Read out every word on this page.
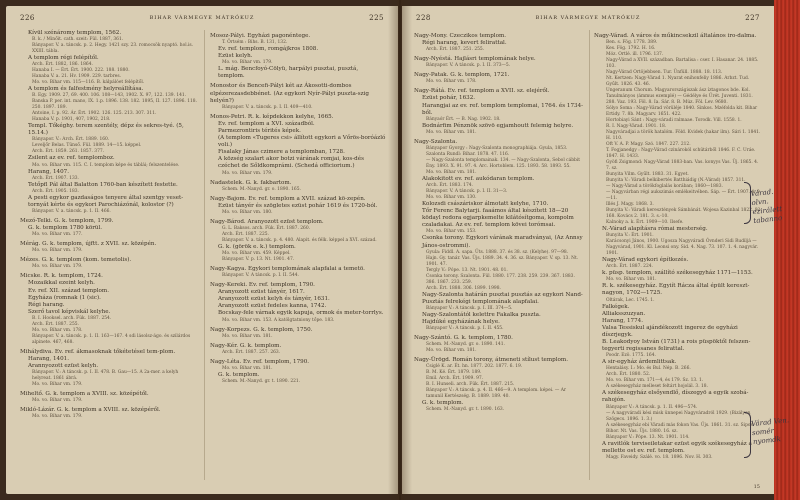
226	BIHAR VÁRMEGYE MÁTRÓKUZ	225

Kívül szénáromy templom, 1562.

B. k. / Minőit. cath. szeit: Fül. 1887, 361.

Bányapor. V. a. táncsk. p. 2. Hegy. 1421 szy. 23. romocsök nyaptó. hol.is. XXIII. tábla.

A templom régi felépítől.

Arch. Ért. 1882, 186. 1864.

Hanaba I. — Ért. Ért. 1900. 222. 188. 1880.

Hanaba V. a. 21. Hv. 1909. 229. tarbres.

Mo. vo. Bihar vm. 115—116. B. kálpálóet felépítől.

A templom és falfestmény helyreállítása.

B. Egy. 1909. 27, 69. 400. 106. 108—143, 1902. X. 97, 122. 139. 141.

Banska P. per. int. mano, IX. 1.p. 1896. 138. 182. 1895, II. 127. 1896. 118. 250. 1897. 189.

Antoine, I. p. 92. Ár. Ért. 1902. 126. 125. 213. 307. 311.

Hanaba V. p. 1901, 407, 1902, 218.

Templ. Tőkéghy. terem szentély, dépz és sekres-tyé. (5, 15.14.)

Bányapor. V.: Arch. Ért. 1889. 160.

Leveljőr Belas. Tünső. Fül. 1889. 14—15. képpel.

Arch. Ért. 1859. 261. 1857. 377.

Zsilent az ev. ref. templomboz.

Mo. vo. Bihar vm. 115. C. I. templom képe és táblái; felszentelése.

Harang, 1407.

Arch. Ért. 1907. 133.

Tetőpfl Pál által Balatton 1760-ban készített festette.

Arch. Ért. 1905. 183.

A pesti egykor gazdaságos tenyere által szentgy veset-tornyát kérte és egykori Parochiázónál, kolostor (?)

Bányapor. V. a. táncsk. p. 1. II. 466.

Mezó-Telki. G. k. templom, 1799.

G. k. templom 1780 körül.

Mo. vo. Bihar vm. 177.

Mérág. G. k. templom, újftt. z XVII. sz. középén.

Mo. vo. Bihar vm. 179.

Mézes. G. k. templom (kom. temetolis).

Mo. vo. Bihar vm. 179.

Micske. R. k. templom, 1724.

Mozaikkal ezeint kelyh.

Ev. ref. XII. század templom.

Egyháza (romnak (1 (sic).

Régi harang.

Szerő tavol képviskál kelyhe.

B. I. Hooksel. arch. Fük. 1887. 254.

Arch. Ért. 1887. 255.

Mo. vo. Bihar vm. 178.

Bányapor. V. a. táncsk. p. 1. II. 163—167. 4 sdi lásolsz-ágo. és szilárdos alpinete. 467, 468.

Mihálydiva. Ev. ref. ákmasoknak tőkétetésel tem-plom.

Harang, 1401.

Arannyozott ezüst kelyh.

Bányapor. V.: A táncsk. p. I. II. 478. B. Gau—15. A 2a-mer. a kelyh helyreat. 1861 ábrá.

Mo. vo. Bihar vm. 179.

Miheltő. G. k. templom a XVIII. sz. középétől.

Mo. vo. Bihar vm. 179.

Mikló-Lázár. G. k. templom a XVIII. sz. középéről.

Mo. vo. Bihar vm. 179.

Mosoz-Pályi. Egyházi pagonéntege.

T. Örtsém : Bihs. B. 131, 132.

Ev. ref. templom, romgájkros 1808.

Ezüst kelyh.

Mo. vo. Bihar vm. 179.

L. mág. Bencfoyó-Cölyü, harpályi pusztai, pusztá, templom.

Monostor és Bencefi-Pályi két az Ákosotti-dombos elpézerezasdebbénet. (Az egykori Nyír-Pályi puszta-szig helyén?)

Bányapor. V. a. táncsk. p. I. II. 409—410.

Monos-Petri. R. k. képdekkon kelyhe, 1665.

Ev. ref. templom a XVI. századból.

Parmezrontiris térités képek.

(A templom «Tugeres csi» állított egykori a Vőrös-boróázló voli.)

Fisalaky Jánas czimere a templomban, 1728.

A község szalart akor botzi várának romjai, kos-dés czéchet de Sőldkomprámi. (Schedá officiorium.)

Mo. vo. Bihar vm. 179.

Nadastelek. G. k. fakbartom.

Schem. M.-Nanyd. gr. o. 1890. 165.

Nagy-Bajom. Ev. ref. templom a XVII. század kö-zepén.

Ezüst tányér és szögletes ezüst pohár 1619 és 1720-ból.

Mo. vo. Bihar vm. 180.

Nagy-Bárod. Aranyozott ezüst templom.

G. L. Baksos. arch. Fük. Ért. 1887. 260.

Arch. Ért. 1887. 225.

Bányapor. V. a. táncsk. p. 4. 480. Alapit. és félk. képpel a XVI. század.

G. k. (görök e. k.) templom.

Mo. vo. Bihar vm. 459. Képpel.

Bányapor. V. p. 13. Nt. 1901. 47.

Nagy-Kagya. Egykori templomának alapfalai a temetö.

Bányapor. V. A táncsk. p. I. II. 544.

Nagy-Kereki. Ev. ref. templom, 1790.

Aranyozott ezüst tányér, 1617.

Aranyozott ezüst kelyh és tányér, 1631.

Aranyozott ezüst fedeles kanna, 1742.

Bocskay-fele várnak egyik kapuja, ormok és meter-torrlys.

Mo. vo. Bihar vm. 153. A katölgtatniony tőpe. 183.

Nagy-Korpezs. G. k. templom, 1750.

Mo. vo. Bihar vm. 181.

Nagy-Kér. G. k. templom.

Arch. Ért. 1887. 257. 263.

Nagy-Léta. Ev. ref. templom, 1790.

Mo. vo. Bihar vm. 181.

G. k. templom.

Schem. M.-Nanyd. gr. t. 1890. 221.

228	BIHAR VÁRMEGYE MÁTRÓKUZ	227

Nagy-Mony. Czeczikos templom.

Régi harang, kevert felirattal.

Arch. Ért. 1887. 251. 255.

Nagy-Nyéstá. Hajlásri templomának helye.

Bányapor. V. A táncsk. p. I. II. 373—5.

Nagy-Patak. G. k. templom, 1721.

Mo. vo. Bihar vm. 178.

Nagy-Rátá. Ev. ref. templom a XVII. sz. elejéről.

Ezüst pohár, 1632.

Harangjai az ev. ref. templom templomai, 1764. és 1734-ből.

Bányaór Ért. — B. Nag. 1902. 18.

Bodnárfim Pénznök szövö egjamhoutt felemig helyre.

Mo. vo. Bihar vm. 181.

Nagy-Szalonta.

Bányapor Gyorgy : Nagy-Szalonta monographiája. Gyula, 1853.

Szalonta Rundl: Bihar. 1878. 47. 116.

— Nagy-Szalonta templomainak. 134. — Nagy-Szalonta, Sebol cábbit Ény. 1893. X. 91. 97. 4. Arc. Hortoblem. 125. 1893. 58. 1893. 55.

Mo. vo. Bihar vm. 181.

Alakokitott ev. ref. aukódaran templom.

Arch. Ért. 1883. 174.

Bányapor. V. A táncsk. p. I. II. 31—3.

Mo. vo. Bihar vm. 130.

Kolozsdi császáriskor álmotatt kelyhe, 1710.

Tőr Ferenc Balytarji. faaámos által készített 18—20 ködayl redora egjarpkemelte kilátósítgoma, kompolm czaladakai. Az ev. ref. templom kövei torómsai.

Mo. vo. Bihar vm. 153.

Csonka torony. Egykori várának maradványai, (Az Annsy János-ostrommi).

Gyula: Fiddl. A. sapa. Üts. 1888. 37. és 38. sz. (Kelyhe). 97—98.

Hajn. Gy. tanár. Vas. Üjs. 1889. 34. 4. 36. sz. Bányapor. V. sp. 13. Nt. 1901. 47.

Tergly V.: Pópe. 13. Nt. 1901. 48. 01.

Csonka torony. Szalonta. Fül. 1880. 177. 238. 259. 239. 367. 1883. 386. 1867. 233. 259.

Arch. Ért. 1888. 306. 1899. 1998.

Nagy-Szalonta határán pusztai pusztás az egykori Nand-Pusztás felrekégi templomának alapfalai.

Bányapor V.: A táncsk. p. I. III. 374—5.

Nagy-Szalontától kelettre Fakalka puszta.

Hajdúké egyházának helye.

Bányapor V.: A táncsk. p. I. II. 455.

Nagy-Szántó. G. k. templom, 1780.

Schem. M.-Nanyd. gr. o. 1890. 141.

Mo. vo. Bihar vm. 181.

Nagy-Ürögd. Román torony, átmeneti stílust templom.

Csiglé K. ar. Ét. hn. 1877. 202. 1877. 6. 19.

B. M. Ké. Ért. 1879. 189.

Emil. Arch. Ért. 1909. 97.

B. I. Hunseli. arch. Fük. Ért. 1887. 215.

Bányapor V.: A táncsk. p. 4. II. 466—9. A templom. képei. — Ar tamunil Kertészség. B. 1889. 189. 40.

G. k. templom.

Schem. M.-Nanyd. gr. t. 1890. 163.

Nagy-Várad. A város és műkincsekzil általános iro-dalma.

Ben. s. Fög. 1778. 389.

Kes. Fög. 1792. H. 16.

Móz. Ortlé. ill. 1796. 137.

Nagy-Várad a XVII. században. Bartalisa : cser. I. Hasanar. 24. 1885. 103.

Nagy-Várad Ortöjebbsen. Tur. Ünfüll. 1888. 18. 113.

Nt. Kertzen: Nagy-Várad 1. Nyarat enihonfeliy 1886. Arbzt. Tud. Gyűlt. 1826. 43. 46.

Ungeranum Chorum. Magyarországiszak ász íztagonos bde. Kol. Tanulmányos (ámmus ezemplé) — Gédélye és Ürét. Juventi. 1831. 288. Vaz. 193. Föl. 8. Ia. Sár. 8. B. Múz. Föl. Lev. 9680.

Sólyo Soma : Nagy-Várad vörüléje 1840. Sinkos. Mzéfolda kit. Bihar Ertidy. 7. 8b. Magyarv. 1651. 422.

Hortobiayi Sánt : Nagy-váradi ralmaae. Torodk. Vill. 1558. 1.

R. I. Nagy-Várad. 1901. 18.

Nagyváradjai a török hatalóm. Föld. Kvidek (hakar ilm). Sári 1. 1841. H. 110.

Oft V. A. P. Magy. Szó. 1847. 227. 212.

T. Fogjanedgy : Nagy-Várad czinárokól schütárből 1846. F. C. Uráe. 1847. H. 1433.

Gyöfi Zsigmond: Nagy-Várad 1883-ban. Vas. konyys Vas. Üj. 1865. 4. 7. sz.

Bunyita Vilm. Gyűlt. 1883. 31. Egyet.

Bunyita V.: Váradi belkibertés Batthiádig (N.-Várad) 1857. 311.

— Nagy-Várad a törökfoglalás korában; 1860—1883.

— Nagyvárban régi aukszimás emlékeitvében. Sáp. — Ért. 1907. 4. 9—11.

Illés J. Magy. 1868. 3.

Bunyita V.: Váradi keresztények Sámbánát. Wojesa Kazinbal 1822. 92. 168. Kovács 2. 181. 3. s.-10.

Kalnoky a. k. Ért. 1909—10. Ilsefe.

N.-Várad alapításra római mesterség.

Bunyita V.: Ért. 1901.

Karácsonyi János, 1900. Ugosza Nagyváradi Óvnderi Sidi Rudiljá — Nagyvárad, 1901. Kl. Leonsi ony. Sid. 4. Nag. 73. 107. 1. 4. nagyvár. 1901.

Nagy-Várad egykori építkezés.

Arch. Ért. 1887. 224.

k. püsp. templom, szállító székesegyház 1171—1153.

Mo. vo. Bihar vm. 181.

R. k. székesegyház. Egyiít Rácza által épült kereszt-nagyon, 1702—1725.

Oltárak, Lec. 1745. 1.

Falkégek.

Alliaksszuzyan.

Harang, 1774.

Valsa Tessiskul ajándékozott ingerez de egyházi díszrjegyk.

B. Leakodyoy István (1731) a rois püspöktől felszen-tegyerti regissanes felirattal.

Poodr. Ezö. 1775. 164.

A sir-egyház árdemlittsak.

Hentalásy. I.: Mo. és Bul. Nép. B. 266.

Arch. Ért. 1880. 52.

Mo. vo. Bihar vm. 171—4, és 179. Sz. 13. 1.

A székesegyház melleset feltárt hojolál. 3. 18.

A székesegyház elsőyendlő, díszegyö a egyik szobá-rahojón.

Bányapor V.: A táncsk. p. 1. II. 496—574.

— A nagyváradi kési misk ünnepei Nagyváradról 1929. (Bizályon Szögecs. 1896. 1. 3.)

A székesegyház ebi Váradi más fokon Vas. Üjs. 1861. 31. sz. Sipos. Bihor. Nt. Vas. Üjs. 1880. 16. sz.

Bányapor V.: Pópe. 13. Nt. 1901. 114.

A ravitlók terviseiletakar ezüst egyik székesegyház a mellette ost ev. ref. templom.

Magy. Faveidy. Szálé. vo. 18. 1896. Nov. H. 303.

15
Várad. olvn. ezirálett tabanno
Várad Ven. somér nyomdk
